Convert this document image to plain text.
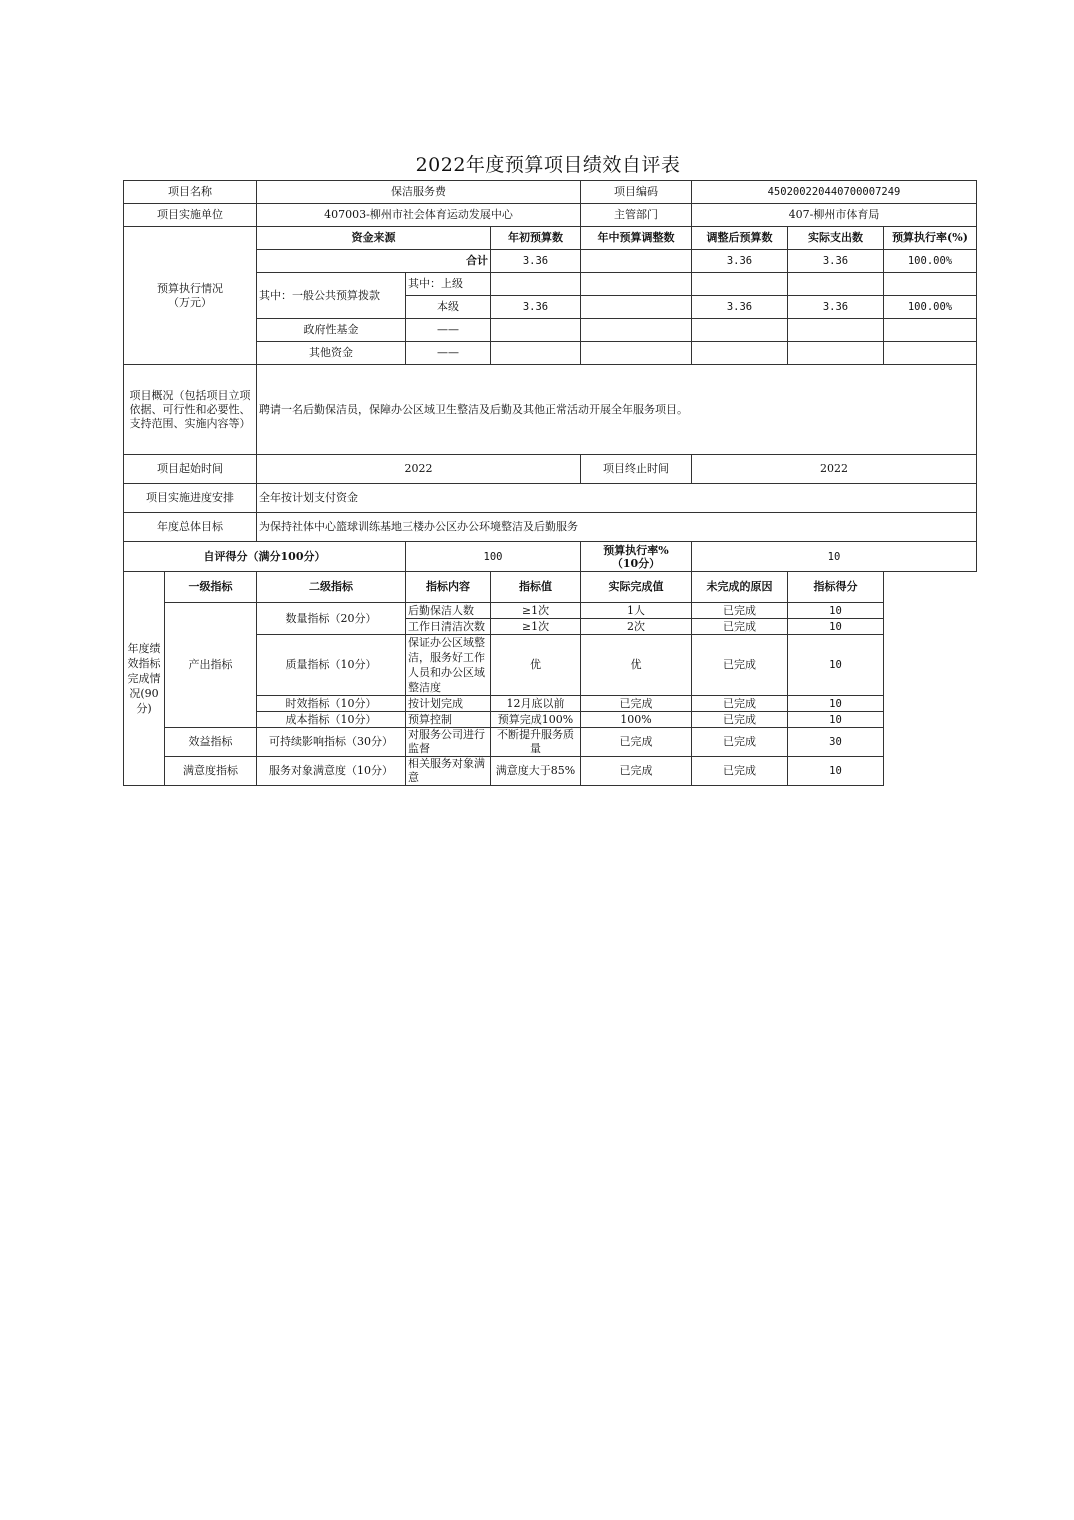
2022年度预算项目绩效自评表
项目名称		保洁服务费			项目编码	450200220440700007249		
项目实施单位		407003-柳州市社会体育运动发展中心			主管部门	407-柳州市体育局		
预算执行情况
（万元）		资金来源		年初预算数	年中预算调整数	调整后预算数	实际支出数	预算执行率(%)
		合计		3.36		3.36	3.36	100.00%
		其中：一般公共预算拨款	其中：上级					
			本级	3.36		3.36	3.36	100.00%
		政府性基金	——					
		其他资金	——					
项目概况（包括项目立项依据、可行性和必要性、支持范围、实施内容等）		聘请一名后勤保洁员，保障办公区域卫生整洁及后勤及其他正常活动开展全年服务项目。						
项目起始时间		2022			项目终止时间	2022		
项目实施进度安排		全年按计划支付资金						
年度总体目标		为保持社体中心篮球训练基地三楼办公区办公环境整洁及后勤服务						
自评得分（满分100分）			100		预算执行率%
（10分）	10		
年度绩效指标完成情况(90分)	一级指标	二级指标	指标内容	指标值	实际完成值	未完成的原因	指标得分	
	产出指标	数量指标（20分）	后勤保洁人数	≥1次	1人	已完成	10	
			工作日清洁次数	≥1次	2次	已完成	10	
		质量指标（10分）	保证办公区域整洁，服务好工作人员和办公区域整洁度	优	优	已完成	10	
		时效指标（10分）	按计划完成	12月底以前	已完成	已完成	10	
		成本指标（10分）	预算控制	预算完成100%	100%	已完成	10	
	效益指标	可持续影响指标（30分）	对服务公司进行监督	不断提升服务质量	已完成	已完成	30	
	满意度指标	服务对象满意度（10分）	相关服务对象满意	满意度大于85%	已完成	已完成	10	
